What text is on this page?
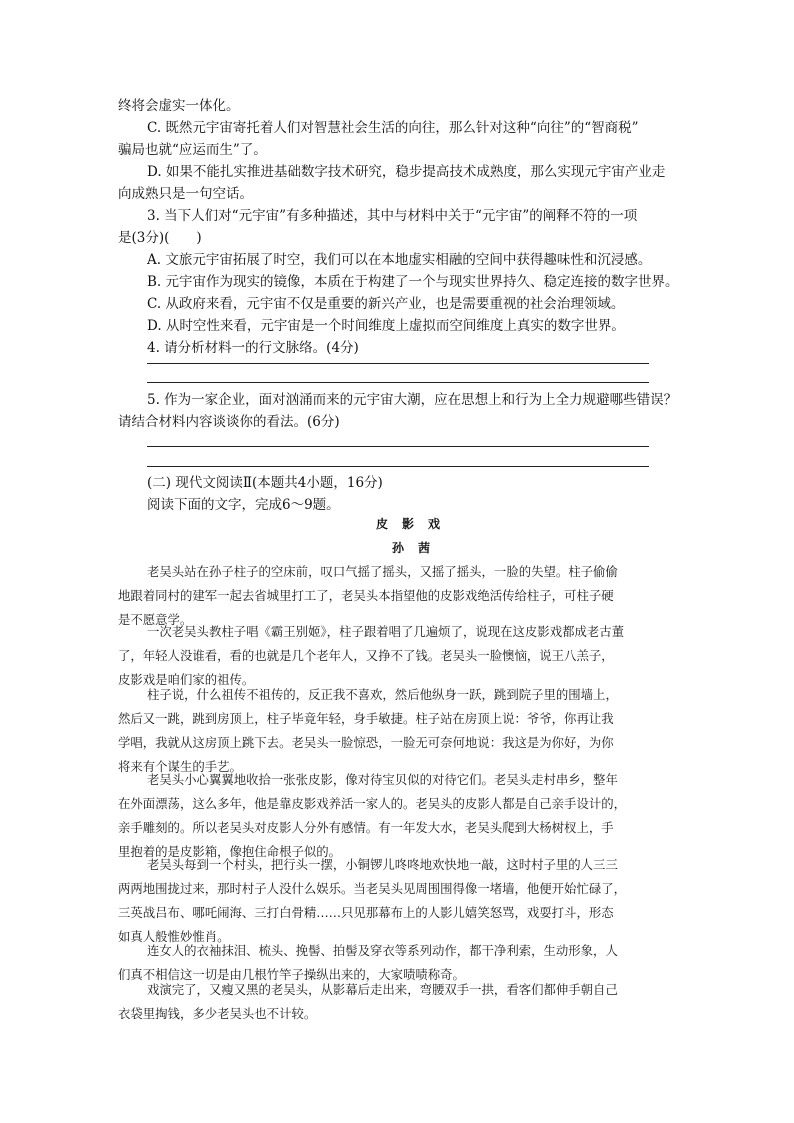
终将会虚实一体化。
C. 既然元宇宙寄托着人们对智慧社会生活的向往，那么针对这种“向往”的“智商税”
骗局也就“应运而生”了。
D. 如果不能扎实推进基础数字技术研究，稳步提高技术成熟度，那么实现元宇宙产业走
向成熟只是一句空话。
3. 当下人们对“元宇宙”有多种描述，其中与材料中关于“元宇宙”的阐释不符的一项
是(3分)(　　)
A. 文旅元宇宙拓展了时空，我们可以在本地虚实相融的空间中获得趣味性和沉浸感。
B. 元宇宙作为现实的镜像，本质在于构建了一个与现实世界持久、稳定连接的数字世界。
C. 从政府来看，元宇宙不仅是重要的新兴产业，也是需要重视的社会治理领域。
D. 从时空性来看，元宇宙是一个时间维度上虚拟而空间维度上真实的数字世界。
4. 请分析材料一的行文脉络。(4分)
5. 作为一家企业，面对汹涌而来的元宇宙大潮，应在思想上和行为上全力规避哪些错误？
请结合材料内容谈谈你的看法。(6分)
(二) 现代文阅读Ⅱ(本题共4小题，16分)
阅读下面的文字，完成6～9题。
皮影戏
孙茜
老吴头站在孙子柱子的空床前，叹口气摇了摇头，又摇了摇头，一脸的失望。柱子偷偷
地跟着同村的建军一起去省城里打工了，老吴头本指望他的皮影戏绝活传给柱子，可柱子硬
是不愿意学。
一次老吴头教柱子唱《霸王别姬》，柱子跟着唱了几遍烦了，说现在这皮影戏都成老古董
了，年轻人没谁看，看的也就是几个老年人，又挣不了钱。老吴头一脸懊恼，说王八羔子，
皮影戏是咱们家的祖传。
柱子说，什么祖传不祖传的，反正我不喜欢，然后他纵身一跃，跳到院子里的围墙上，
然后又一跳，跳到房顶上，柱子毕竟年轻，身手敏捷。柱子站在房顶上说：爷爷，你再让我
学唱，我就从这房顶上跳下去。老吴头一脸惊恐，一脸无可奈何地说：我这是为你好，为你
将来有个谋生的手艺。
老吴头小心翼翼地收拾一张张皮影，像对待宝贝似的对待它们。老吴头走村串乡，整年
在外面漂荡，这么多年，他是靠皮影戏养活一家人的。老吴头的皮影人都是自己亲手设计的，
亲手雕刻的。所以老吴头对皮影人分外有感情。有一年发大水，老吴头爬到大杨树杈上，手
里抱着的是皮影箱，像抱住命根子似的。
老吴头每到一个村头，把行头一摆，小铜锣儿咚咚地欢快地一敲，这时村子里的人三三
两两地围拢过来，那时村子人没什么娱乐。当老吴头见周围围得像一堵墙，他便开始忙碌了，
三英战吕布、哪吒闹海、三打白骨精……只见那幕布上的人影儿嬉笑怒骂，戏耍打斗，形态
如真人般惟妙惟肖。
连女人的衣袖抹泪、梳头、挽髻、拍髻及穿衣等系列动作，都干净利索，生动形象，人
们真不相信这一切是由几根竹竿子操纵出来的，大家啧啧称奇。
戏演完了，又瘦又黑的老吴头，从影幕后走出来，弯腰双手一拱，看客们都伸手朝自己
衣袋里掏钱，多少老吴头也不计较。
